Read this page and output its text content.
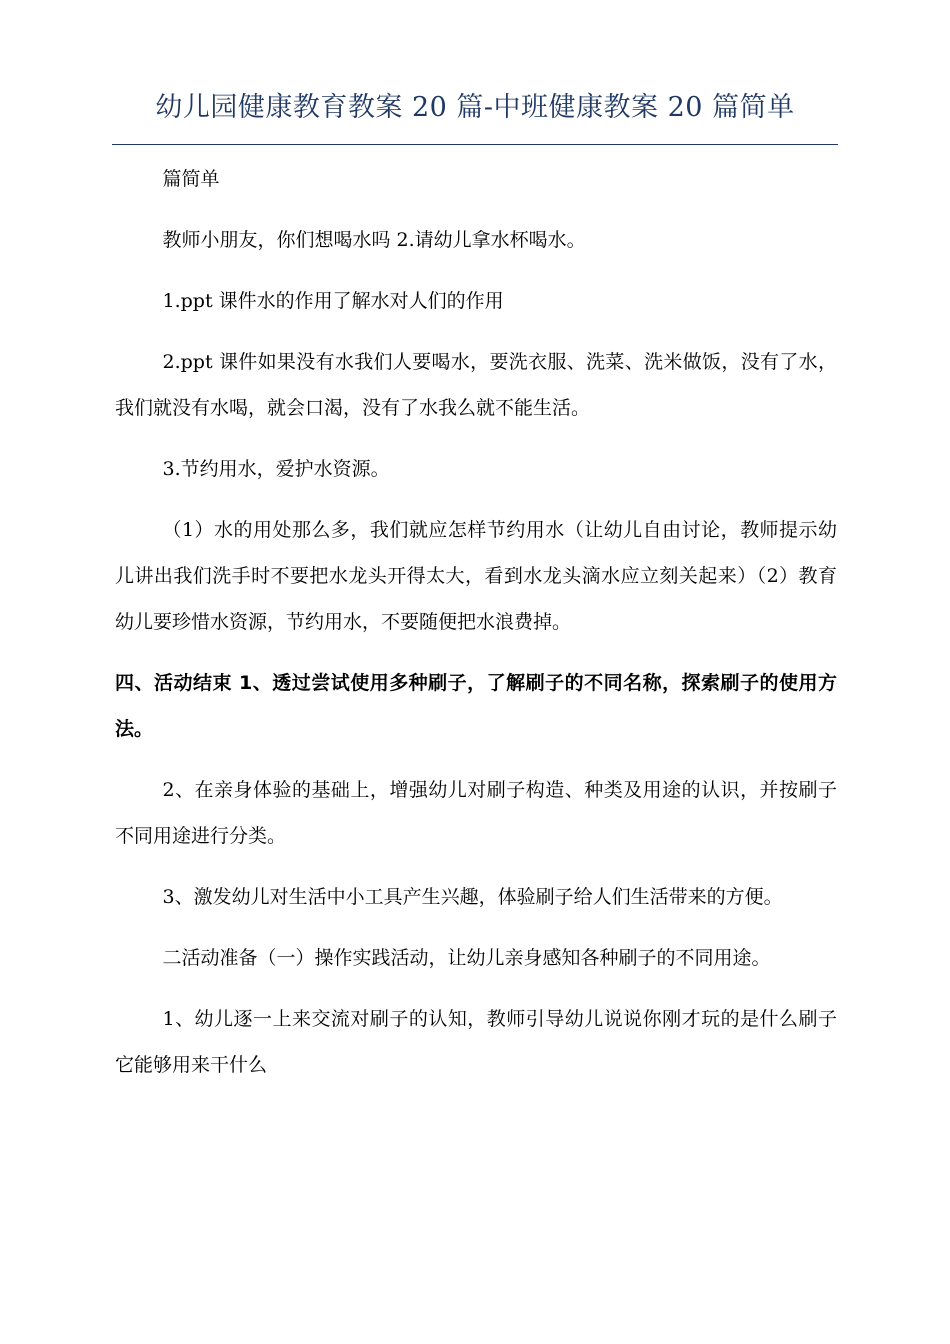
幼儿园健康教育教案 20 篇-中班健康教案 20 篇简单

篇简单

教师小朋友，你们想喝水吗 2.请幼儿拿水杯喝水。

1.ppt 课件水的作用了解水对人们的作用

2.ppt 课件如果没有水我们人要喝水，要洗衣服、洗菜、洗米做饭，没有了水，我们就没有水喝，就会口渴，没有了水我么就不能生活。

3.节约用水，爱护水资源。

（1）水的用处那么多，我们就应怎样节约用水（让幼儿自由讨论，教师提示幼儿讲出我们洗手时不要把水龙头开得太大，看到水龙头滴水应立刻关起来）（2）教育幼儿要珍惜水资源，节约用水，不要随便把水浪费掉。

四、活动结束 1、透过尝试使用多种刷子，了解刷子的不同名称，探索刷子的使用方法。

2、在亲身体验的基础上，增强幼儿对刷子构造、种类及用途的认识，并按刷子不同用途进行分类。

3、激发幼儿对生活中小工具产生兴趣，体验刷子给人们生活带来的方便。

二活动准备（一）操作实践活动，让幼儿亲身感知各种刷子的不同用途。

1、幼儿逐一上来交流对刷子的认知，教师引导幼儿说说你刚才玩的是什么刷子它能够用来干什么
